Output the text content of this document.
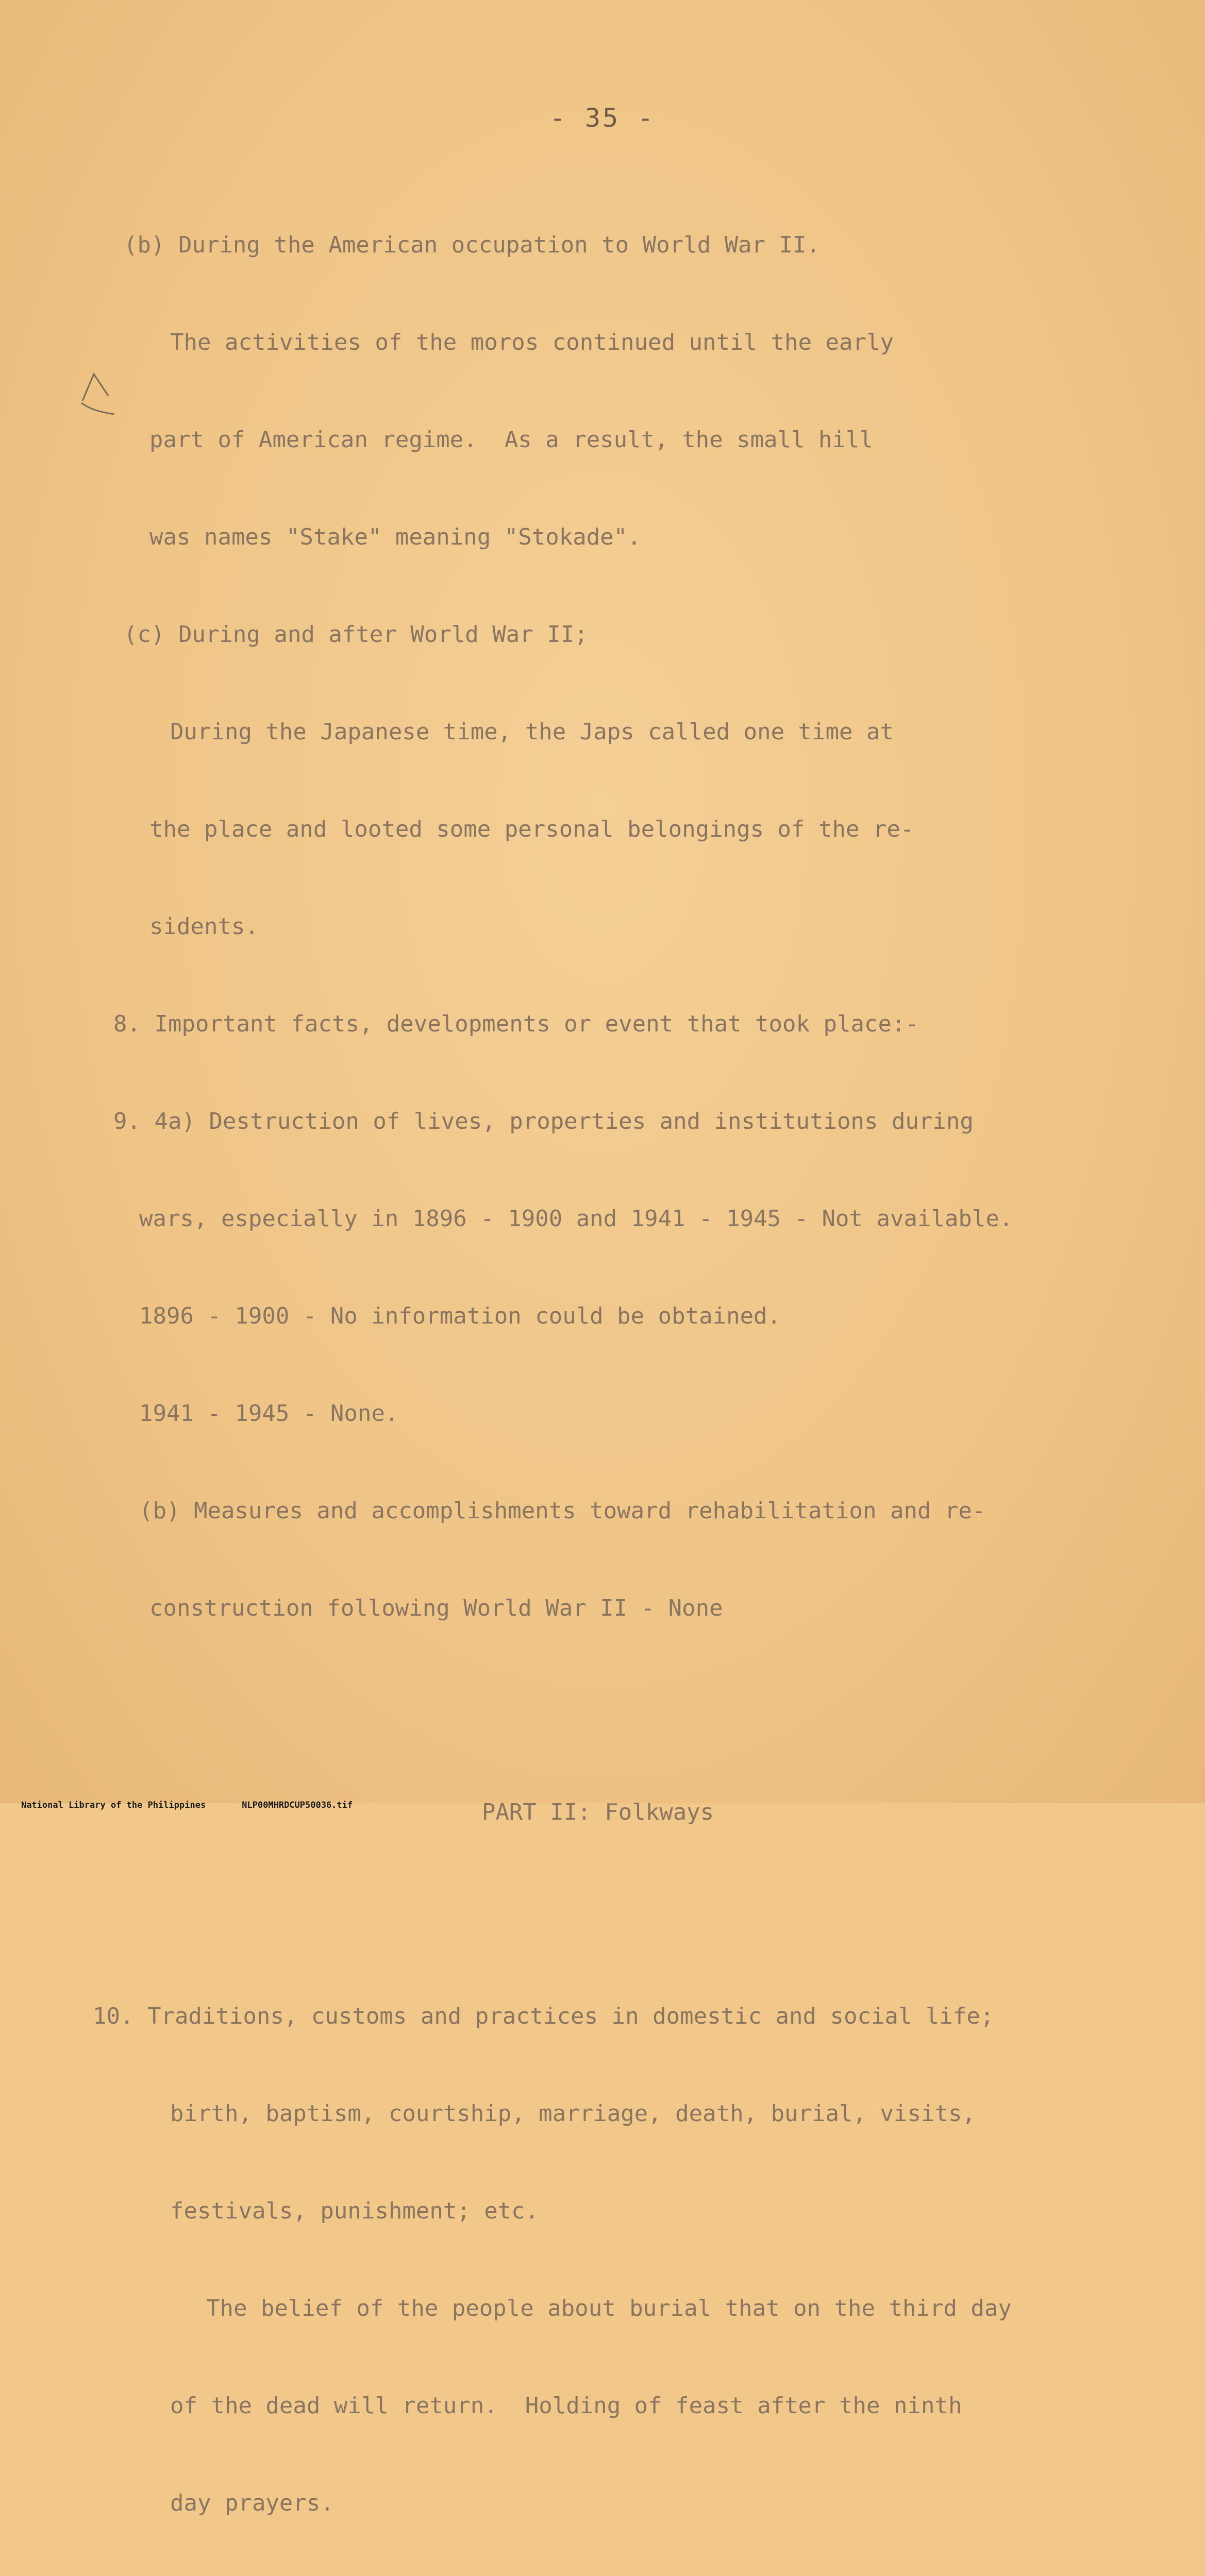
- 35 -

(b) During the American occupation to World War II.

The activities of the moros continued until the early

part of American regime.  As a result, the small hill

was names "Stake" meaning "Stokade".

(c) During and after World War II;

During the Japanese time, the Japs called one time at

the place and looted some personal belongings of the re-

sidents.

8. Important facts, developments or event that took place:-

9. 4a) Destruction of lives, properties and institutions during

wars, especially in 1896 - 1900 and 1941 - 1945 - Not available.

1896 - 1900 - No information could be obtained.

1941 - 1945 - None.

(b) Measures and accomplishments toward rehabilitation and re-

construction following World War II - None

PART II: Folkways

10. Traditions, customs and practices in domestic and social life;

birth, baptism, courtship, marriage, death, burial, visits,

festivals, punishment; etc.

The belief of the people about burial that on the third day

of the dead will return.  Holding of feast after the ninth

day prayers.

National Library of the Philippines	NLP00MHRDCUP50036.tif
